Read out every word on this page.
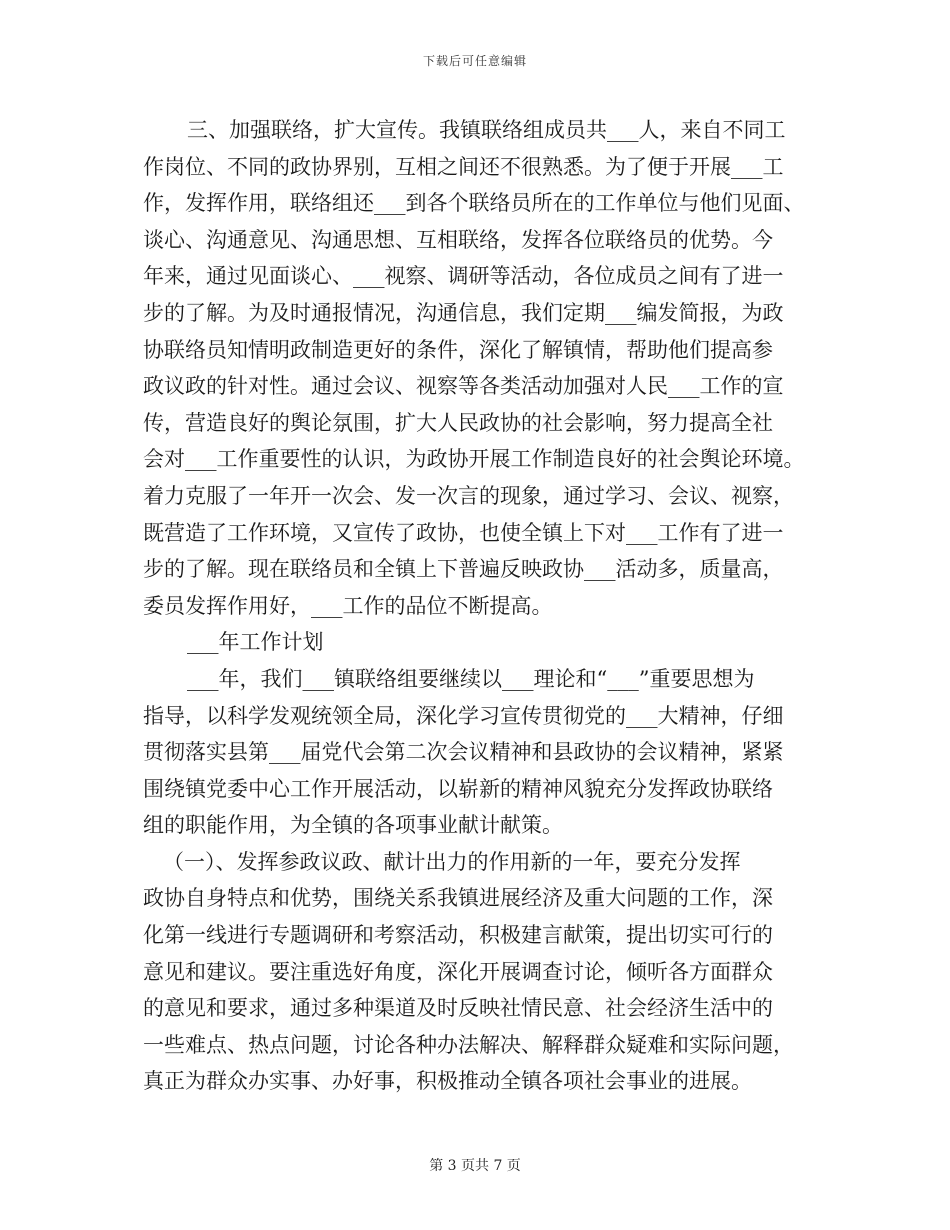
下载后可任意编辑
三、加强联络，扩大宣传。我镇联络组成员共___人，来自不同工
作岗位、不同的政协界别，互相之间还不很熟悉。为了便于开展___工
作，发挥作用，联络组还___到各个联络员所在的工作单位与他们见面、
谈心、沟通意见、沟通思想、互相联络，发挥各位联络员的优势。今
年来，通过见面谈心、___视察、调研等活动，各位成员之间有了进一
步的了解。为及时通报情况，沟通信息，我们定期___编发简报，为政
协联络员知情明政制造更好的条件，深化了解镇情，帮助他们提高参
政议政的针对性。通过会议、视察等各类活动加强对人民___工作的宣
传，营造良好的舆论氛围，扩大人民政协的社会影响，努力提高全社
会对___工作重要性的认识，为政协开展工作制造良好的社会舆论环境。
着力克服了一年开一次会、发一次言的现象，通过学习、会议、视察，
既营造了工作环境，又宣传了政协，也使全镇上下对___工作有了进一
步的了解。现在联络员和全镇上下普遍反映政协___活动多，质量高，
委员发挥作用好，___工作的品位不断提高。
___年工作计划
___年，我们___镇联络组要继续以___理论和“___”重要思想为
指导，以科学发观统领全局，深化学习宣传贯彻党的___大精神，仔细
贯彻落实县第___届党代会第二次会议精神和县政协的会议精神，紧紧
围绕镇党委中心工作开展活动，以崭新的精神风貌充分发挥政协联络
组的职能作用，为全镇的各项事业献计献策。
（一）、发挥参政议政、献计出力的作用新的一年，要充分发挥
政协自身特点和优势，围绕关系我镇进展经济及重大问题的工作，深
化第一线进行专题调研和考察活动，积极建言献策，提出切实可行的
意见和建议。要注重选好角度，深化开展调查讨论，倾听各方面群众
的意见和要求，通过多种渠道及时反映社情民意、社会经济生活中的
一些难点、热点问题，讨论各种办法解决、解释群众疑难和实际问题，
真正为群众办实事、办好事，积极推动全镇各项社会事业的进展。
第 3 页共 7 页
